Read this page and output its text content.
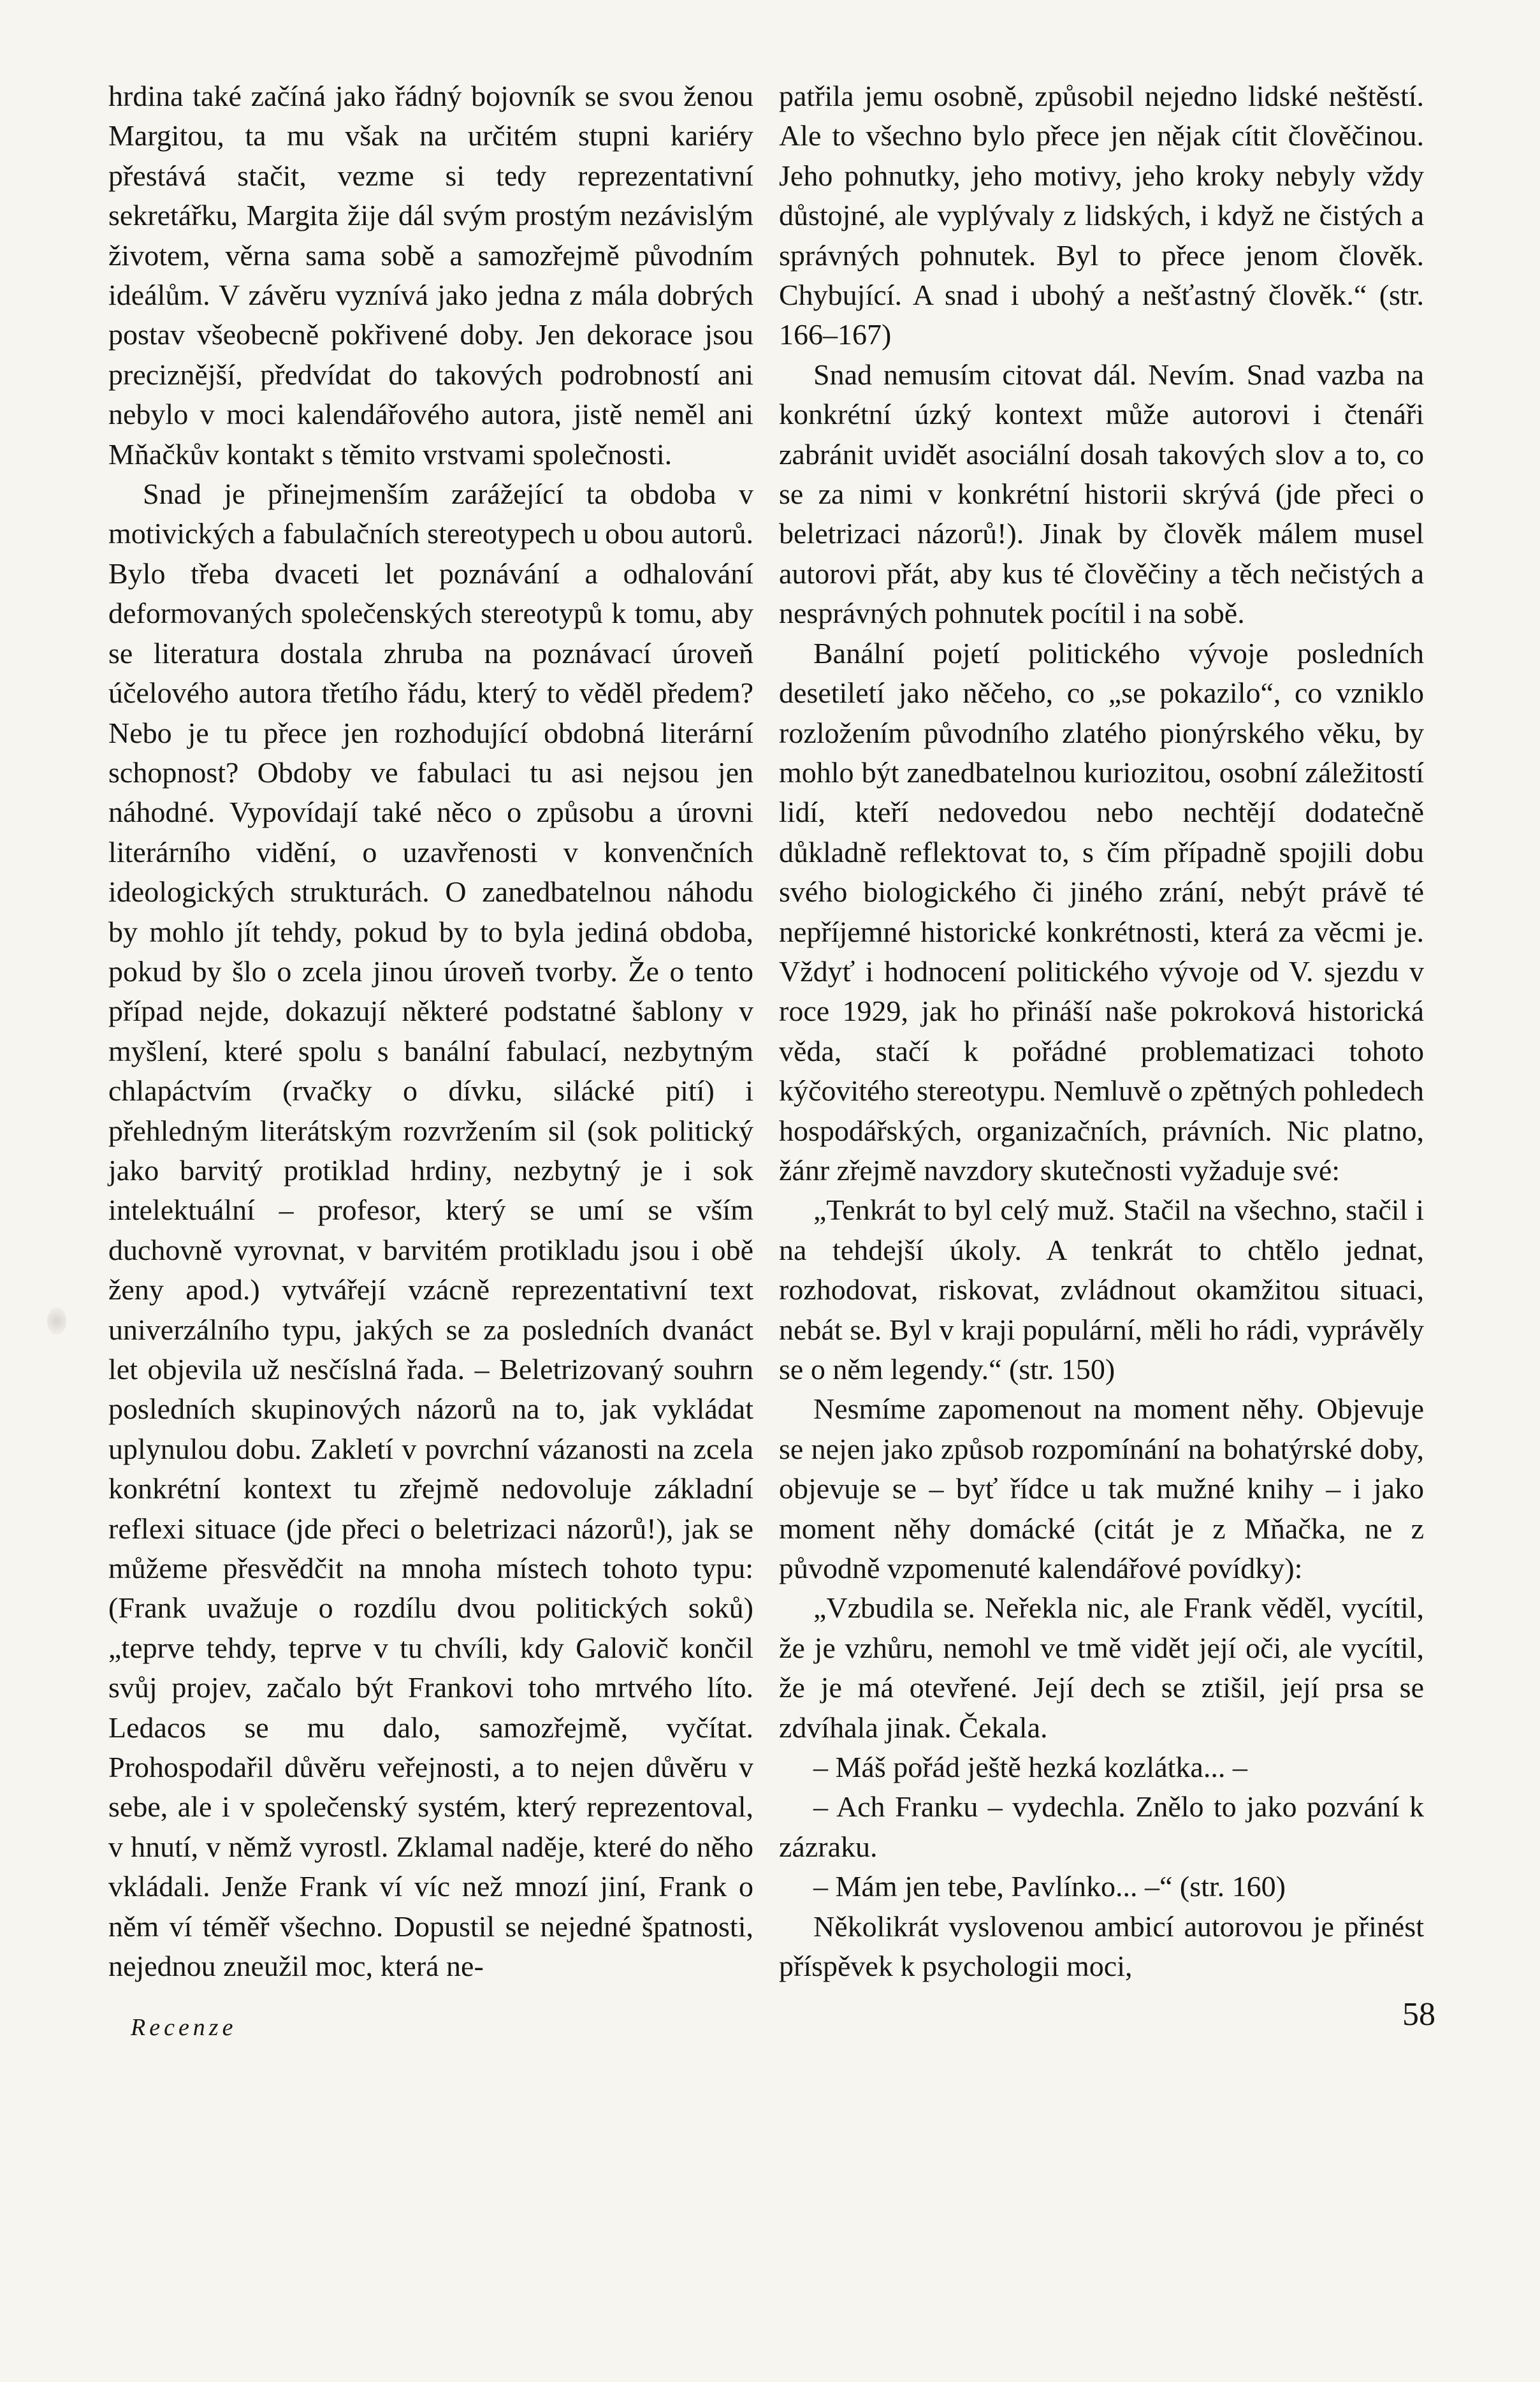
hrdina také začíná jako řádný bojovník se svou ženou Margitou, ta mu však na určitém stupni kariéry přestává stačit, vezme si tedy reprezentativní sekretářku, Margita žije dál svým prostým nezávislým životem, věrna sama sobě a samozřejmě původním ideálům. V závěru vyznívá jako jedna z mála dobrých postav všeobecně pokřivené doby. Jen dekorace jsou preciznější, předvídat do takových podrobností ani nebylo v moci kalendářového autora, jistě neměl ani Mňačkův kontakt s těmito vrstvami společnosti.

Snad je přinejmenším zarážející ta obdoba v motivických a fabulačních stereotypech u obou autorů. Bylo třeba dvaceti let poznávání a odhalování deformovaných společenských stereotypů k tomu, aby se literatura dostala zhruba na poznávací úroveň účelového autora třetího řádu, který to věděl předem? Nebo je tu přece jen rozhodující obdobná literární schopnost? Obdoby ve fabulaci tu asi nejsou jen náhodné. Vypovídají také něco o způsobu a úrovni literárního vidění, o uzavřenosti v konvenčních ideologických strukturách. O zanedbatelnou náhodu by mohlo jít tehdy, pokud by to byla jediná obdoba, pokud by šlo o zcela jinou úroveň tvorby. Že o tento případ nejde, dokazují některé podstatné šablony v myšlení, které spolu s banální fabulací, nezbytným chlapáctvím (rvačky o dívku, silácké pití) i přehledným literátským rozvržením sil (sok politický jako barvitý protiklad hrdiny, nezbytný je i sok intelektuální – profesor, který se umí se vším duchovně vyrovnat, v barvitém protikladu jsou i obě ženy apod.) vytvářejí vzácně reprezentativní text univerzálního typu, jakých se za posledních dvanáct let objevila už nesčíslná řada. – Beletrizovaný souhrn posledních skupinových názorů na to, jak vykládat uplynulou dobu. Zakletí v povrchní vázanosti na zcela konkrétní kontext tu zřejmě nedovoluje základní reflexi situace (jde přeci o beletrizaci názorů!), jak se můžeme přesvědčit na mnoha místech tohoto typu: (Frank uvažuje o rozdílu dvou politických soků) „teprve tehdy, teprve v tu chvíli, kdy Galovič končil svůj projev, začalo být Frankovi toho mrtvého líto. Ledacos se mu dalo, samozřejmě, vyčítat. Prohospodařil důvěru veřejnosti, a to nejen důvěru v sebe, ale i v společenský systém, který reprezentoval, v hnutí, v němž vyrostl. Zklamal naděje, které do něho vkládali. Jenže Frank ví víc než mnozí jiní, Frank o něm ví téměř všechno. Dopustil se nejedné špatnosti, nejednou zneužil moc, která ne-

patřila jemu osobně, způsobil nejedno lidské neštěstí. Ale to všechno bylo přece jen nějak cítit člověčinou. Jeho pohnutky, jeho motivy, jeho kroky nebyly vždy důstojné, ale vyplývaly z lidských, i když ne čistých a správných pohnutek. Byl to přece jenom člověk. Chybující. A snad i ubohý a nešťastný člověk.“ (str. 166–167)

Snad nemusím citovat dál. Nevím. Snad vazba na konkrétní úzký kontext může autorovi i čtenáři zabránit uvidět asociální dosah takových slov a to, co se za nimi v konkrétní historii skrývá (jde přeci o beletrizaci názorů!). Jinak by člověk málem musel autorovi přát, aby kus té člověčiny a těch nečistých a nesprávných pohnutek pocítil i na sobě.

Banální pojetí politického vývoje posledních desetiletí jako něčeho, co „se pokazilo“, co vzniklo rozložením původního zlatého pionýrského věku, by mohlo být zanedbatelnou kuriozitou, osobní záležitostí lidí, kteří nedovedou nebo nechtějí dodatečně důkladně reflektovat to, s čím případně spojili dobu svého biologického či jiného zrání, nebýt právě té nepříjemné historické konkrétnosti, která za věcmi je. Vždyť i hodnocení politického vývoje od V. sjezdu v roce 1929, jak ho přináší naše pokroková historická věda, stačí k pořádné problematizaci tohoto kýčovitého stereotypu. Nemluvě o zpětných pohledech hospodářských, organizačních, právních. Nic platno, žánr zřejmě navzdory skutečnosti vyžaduje své:

„Tenkrát to byl celý muž. Stačil na všechno, stačil i na tehdejší úkoly. A tenkrát to chtělo jednat, rozhodovat, riskovat, zvládnout okamžitou situaci, nebát se. Byl v kraji populární, měli ho rádi, vyprávěly se o něm legendy.“ (str. 150)

Nesmíme zapomenout na moment něhy. Objevuje se nejen jako způsob rozpomínání na bohatýrské doby, objevuje se – byť řídce u tak mužné knihy – i jako moment něhy domácké (citát je z Mňačka, ne z původně vzpomenuté kalendářové povídky):

„Vzbudila se. Neřekla nic, ale Frank věděl, vycítil, že je vzhůru, nemohl ve tmě vidět její oči, ale vycítil, že je má otevřené. Její dech se ztišil, její prsa se zdvíhala jinak. Čekala.

– Máš pořád ještě hezká kozlátka... –

– Ach Franku – vydechla. Znělo to jako pozvání k zázraku.

– Mám jen tebe, Pavlínko... –“ (str. 160)

Několikrát vyslovenou ambicí autorovou je přinést příspěvek k psychologii moci,

Recenze	58
